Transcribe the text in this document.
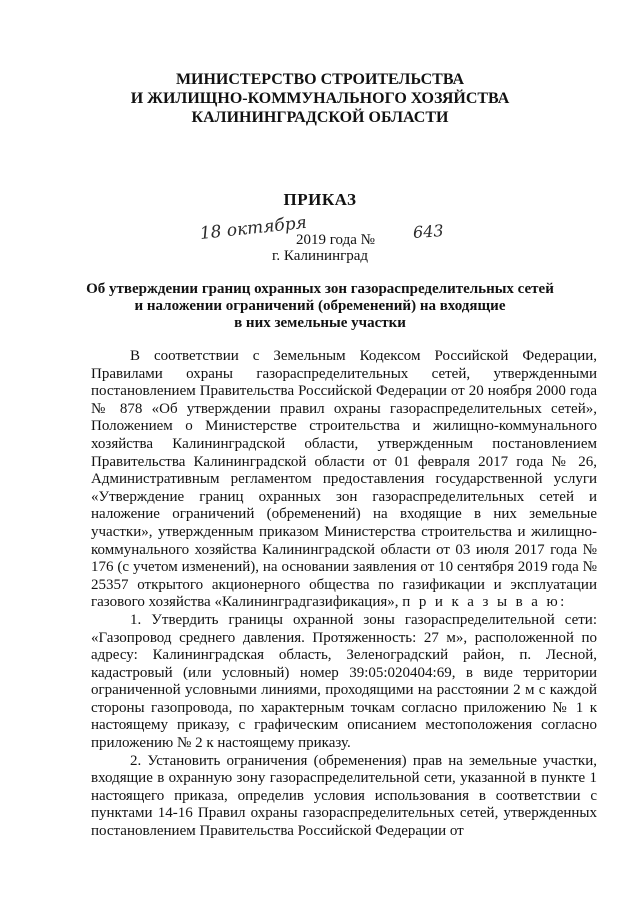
МИНИСТЕРСТВО СТРОИТЕЛЬСТВА
И ЖИЛИЩНО-КОММУНАЛЬНОГО ХОЗЯЙСТВА
КАЛИНИНГРАДСКОЙ ОБЛАСТИ
ПРИКАЗ
18 октября
2019 года № 643
г. Калининград
Об утверждении границ охранных зон газораспределительных сетей
и наложении ограничений (обременений) на входящие
в них земельные участки

В соответствии с Земельным Кодексом Российской Федерации, Правилами охраны газораспределительных сетей, утвержденными постановлением Правительства Российской Федерации от 20 ноября 2000 года № 878 «Об утверждении правил охраны газораспределительных сетей», Положением о Министерстве строительства и жилищно-коммунального хозяйства Калининградской области, утвержденным постановлением Правительства Калининградской области от 01 февраля 2017 года № 26, Административным регламентом предоставления государственной услуги «Утверждение границ охранных зон газораспределительных сетей и наложение ограничений (обременений) на входящие в них земельные участки», утвержденным приказом Министерства строительства и жилищно-коммунального хозяйства Калининградской области от 03 июля 2017 года № 176 (с учетом изменений), на основании заявления от 10 сентября 2019 года № 25357 открытого акционерного общества по газификации и эксплуатации газового хозяйства «Калининградгазификация», п р и к а з ы в а ю:

1. Утвердить границы охранной зоны газораспределительной сети: «Газопровод среднего давления. Протяженность: 27 м», расположенной по адресу: Калининградская область, Зеленоградский район, п. Лесной, кадастровый (или условный) номер 39:05:020404:69, в виде территории ограниченной условными линиями, проходящими на расстоянии 2 м с каждой стороны газопровода, по характерным точкам согласно приложению № 1 к настоящему приказу, с графическим описанием местоположения согласно приложению № 2 к настоящему приказу.

2. Установить ограничения (обременения) прав на земельные участки, входящие в охранную зону газораспределительной сети, указанной в пункте 1 настоящего приказа, определив условия использования в соответствии с пунктами 14-16 Правил охраны газораспределительных сетей, утвержденных постановлением Правительства Российской Федерации от
